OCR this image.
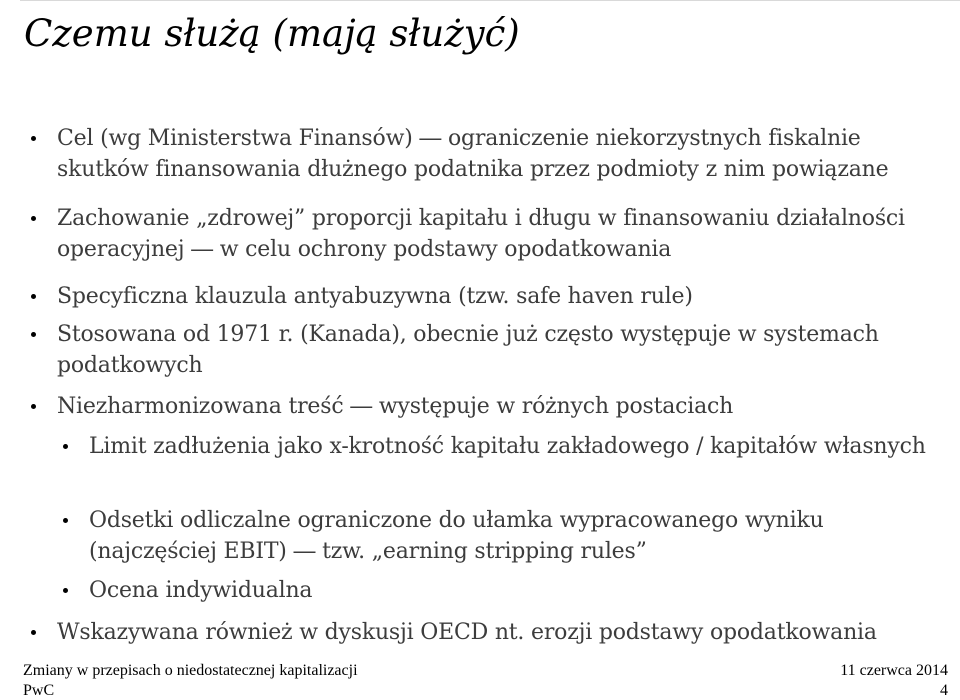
Czemu służą (mają służyć)
Cel (wg Ministerstwa Finansów) ― ograniczenie niekorzystnych fiskalnie skutków finansowania dłużnego podatnika przez podmioty z nim powiązane
Zachowanie „zdrowej” proporcji kapitału i długu w finansowaniu działalności operacyjnej ― w celu ochrony podstawy opodatkowania
Specyficzna klauzula antyabuzywna (tzw. safe haven rule)
Stosowana od 1971 r. (Kanada), obecnie już często występuje w systemach podatkowych
Niezharmonizowana treść ― występuje w różnych postaciach
Limit zadłużenia jako x-krotność kapitału zakładowego / kapitałów własnych
Odsetki odliczalne ograniczone do ułamka wypracowanego wyniku (najczęściej EBIT) ― tzw. „earning stripping rules”
Ocena indywidualna
Wskazywana również w dyskusji OECD nt. erozji podstawy opodatkowania
Zmiany w przepisach o niedostatecznej kapitalizacji
PwC
11 czerwca 2014
4
